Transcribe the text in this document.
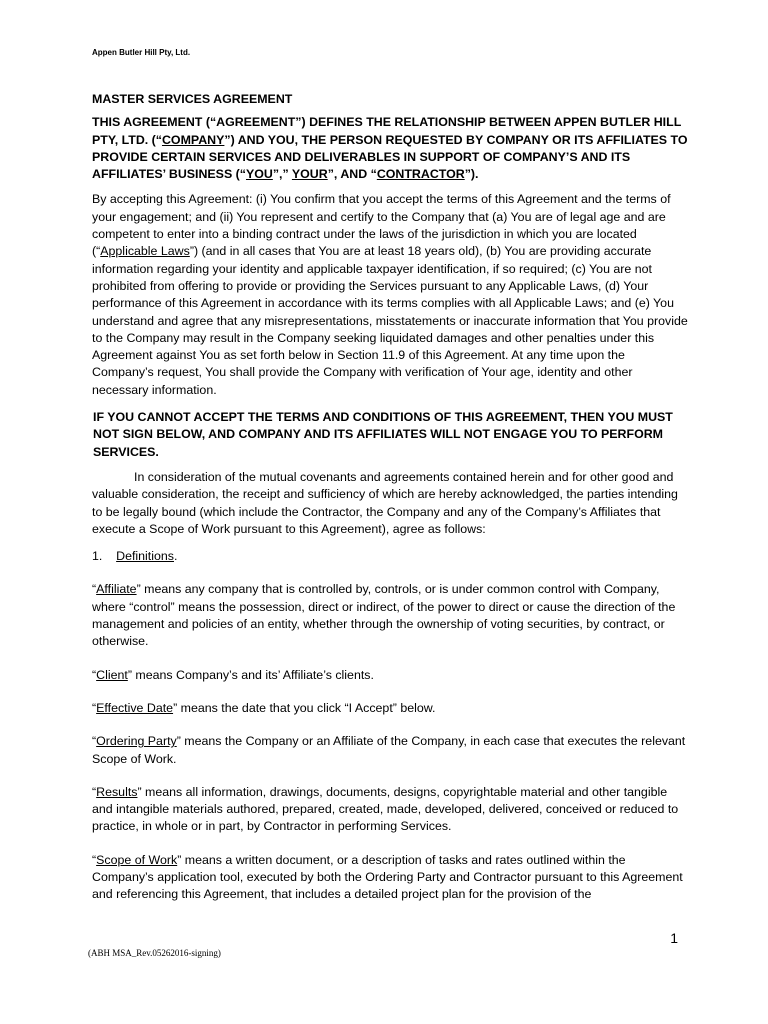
Appen Butler Hill Pty, Ltd.

MASTER SERVICES AGREEMENT

THIS AGREEMENT (“AGREEMENT”) DEFINES THE RELATIONSHIP BETWEEN APPEN BUTLER HILL PTY, LTD. (“COMPANY”) AND YOU, THE PERSON REQUESTED BY COMPANY OR ITS AFFILIATES TO PROVIDE CERTAIN SERVICES AND DELIVERABLES IN SUPPORT OF COMPANY’S AND ITS AFFILIATES’ BUSINESS (“YOU”,” YOUR”, AND “CONTRACTOR”).

By accepting this Agreement: (i) You confirm that you accept the terms of this Agreement and the terms of your engagement; and (ii) You represent and certify to the Company that (a) You are of legal age and are competent to enter into a binding contract under the laws of the jurisdiction in which you are located (“Applicable Laws”) (and in all cases that You are at least 18 years old), (b) You are providing accurate information regarding your identity and applicable taxpayer identification, if so required; (c) You are not prohibited from offering to provide or providing the Services pursuant to any Applicable Laws, (d) Your performance of this Agreement in accordance with its terms complies with all Applicable Laws; and (e) You understand and agree that any misrepresentations, misstatements or inaccurate information that You provide to the Company may result in the Company seeking liquidated damages and other penalties under this Agreement against You as set forth below in Section 11.9 of this Agreement. At any time upon the Company’s request, You shall provide the Company with verification of Your age, identity and other necessary information.

IF YOU CANNOT ACCEPT THE TERMS AND CONDITIONS OF THIS AGREEMENT, THEN YOU MUST NOT SIGN BELOW, AND COMPANY AND ITS AFFILIATES WILL NOT ENGAGE YOU TO PERFORM SERVICES.

In consideration of the mutual covenants and agreements contained herein and for other good and valuable consideration, the receipt and sufficiency of which are hereby acknowledged, the parties intending to be legally bound (which include the Contractor, the Company and any of the Company’s Affiliates that execute a Scope of Work pursuant to this Agreement), agree as follows:

1. Definitions.

“Affiliate” means any company that is controlled by, controls, or is under common control with Company, where “control” means the possession, direct or indirect, of the power to direct or cause the direction of the management and policies of an entity, whether through the ownership of voting securities, by contract, or otherwise.

“Client” means Company’s and its’ Affiliate’s clients.

“Effective Date” means the date that you click “I Accept” below.

“Ordering Party” means the Company or an Affiliate of the Company, in each case that executes the relevant Scope of Work.

“Results” means all information, drawings, documents, designs, copyrightable material and other tangible and intangible materials authored, prepared, created, made, developed, delivered, conceived or reduced to practice, in whole or in part, by Contractor in performing Services.

“Scope of Work” means a written document, or a description of tasks and rates outlined within the Company’s application tool, executed by both the Ordering Party and Contractor pursuant to this Agreement and referencing this Agreement, that includes a detailed project plan for the provision of the

1
(ABH MSA_Rev.05262016-signing)
